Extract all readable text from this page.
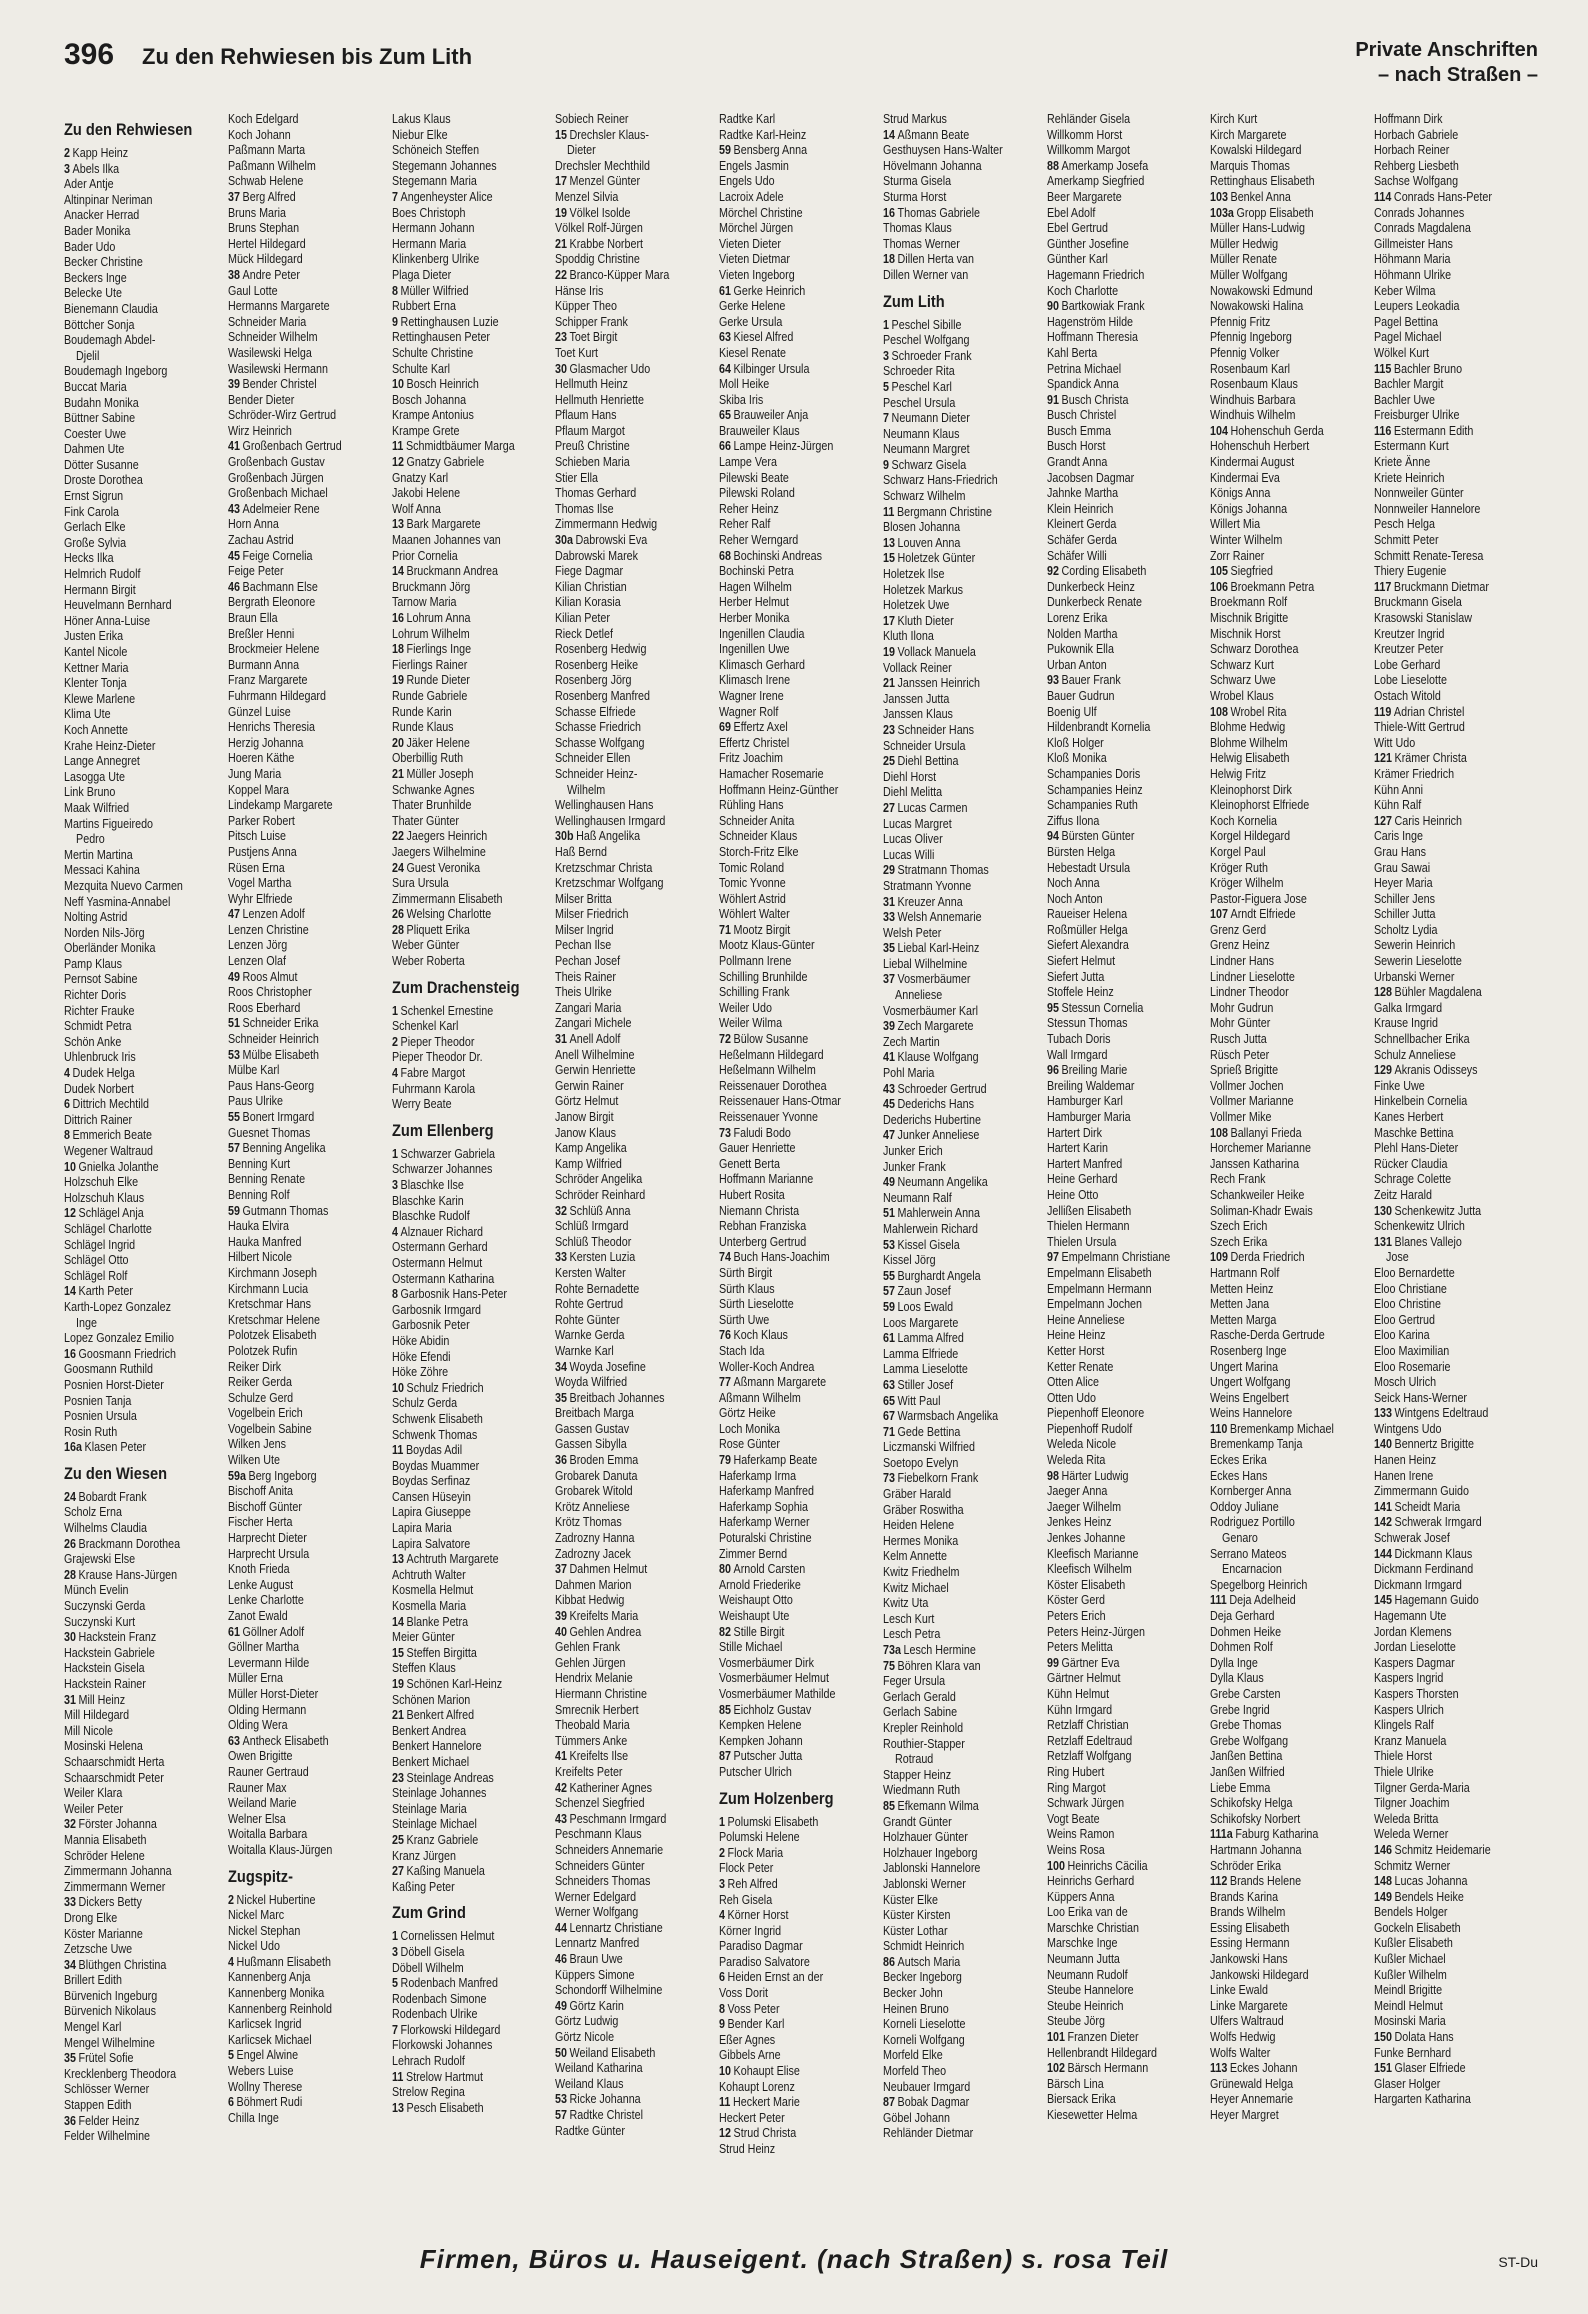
396 Zu den Rehwiesen bis Zum Lith	Private Anschriften
– nach Straßen –
Zu den Rehwiesen
2 Kapp Heinz
3 Abels Ilka
Ader Antje
Altinpinar Neriman
Anacker Herrad
Bader Monika
Bader Udo
Becker Christine
Beckers Inge
Belecke Ute
Bienemann Claudia
Böttcher Sonja
Boudemagh Abdel-
Djelil
Boudemagh Ingeborg
Buccat Maria
Budahn Monika
Büttner Sabine
Coester Uwe
Dahmen Ute
Dötter Susanne
Droste Dorothea
Ernst Sigrun
Fink Carola
Gerlach Elke
Große Sylvia
Hecks Ilka
Helmrich Rudolf
Hermann Birgit
Heuvelmann Bernhard
Höner Anna-Luise
Justen Erika
Kantel Nicole
Kettner Maria
Klenter Tonja
Klewe Marlene
Klima Ute
Koch Annette
Krahe Heinz-Dieter
Lange Annegret
Lasogga Ute
Link Bruno
Maak Wilfried
Martins Figueiredo
Pedro
Mertin Martina
Messaci Kahina
Mezquita Nuevo Carmen
Neff Yasmina-Annabel
Nolting Astrid
Norden Nils-Jörg
Oberländer Monika
Pamp Klaus
Pernsot Sabine
Richter Doris
Richter Frauke
Schmidt Petra
Schön Anke
Uhlenbruck Iris
4 Dudek Helga
Dudek Norbert
6 Dittrich Mechtild
Dittrich Rainer
8 Emmerich Beate
Wegener Waltraud
10 Gnielka Jolanthe
Holzschuh Elke
Holzschuh Klaus
12 Schlägel Anja
Schlägel Charlotte
Schlägel Ingrid
Schlägel Otto
Schlägel Rolf
14 Karth Peter
Karth-Lopez Gonzalez
Inge
Lopez Gonzalez Emilio
16 Goosmann Friedrich
Goosmann Ruthild
Posnien Horst-Dieter
Posnien Tanja
Posnien Ursula
Rosin Ruth
16a Klasen Peter
Zu den Wiesen
24 Bobardt Frank
Scholz Erna
Wilhelms Claudia
26 Brackmann Dorothea
Grajewski Else
28 Krause Hans-Jürgen
Münch Evelin
Suczynski Gerda
Suczynski Kurt
30 Hackstein Franz
Hackstein Gabriele
Hackstein Gisela
Hackstein Rainer
31 Mill Heinz
Mill Hildegard
Mill Nicole
Mosinski Helena
Schaarschmidt Herta
Schaarschmidt Peter
Weiler Klara
Weiler Peter
32 Förster Johanna
Mannia Elisabeth
Schröder Helene
Zimmermann Johanna
Zimmermann Werner
33 Dickers Betty
Drong Elke
Köster Marianne
Zetzsche Uwe
34 Blüthgen Christina
Brillert Edith
Bürvenich Ingeburg
Bürvenich Nikolaus
Mengel Karl
Mengel Wilhelmine
35 Frütel Sofie
Krecklenberg Theodora
Schlösser Werner
Stappen Edith
36 Felder Heinz
Felder Wilhelmine
Koch Edelgard
Koch Johann
Paßmann Marta
Paßmann Wilhelm
Schwab Helene
37 Berg Alfred
Bruns Maria
Bruns Stephan
Hertel Hildegard
Mück Hildegard
38 Andre Peter
Gaul Lotte
Hermanns Margarete
Schneider Maria
Schneider Wilhelm
Wasilewski Helga
Wasilewski Hermann
39 Bender Christel
Bender Dieter
Schröder-Wirz Gertrud
Wirz Heinrich
41 Großenbach Gertrud
Großenbach Gustav
Großenbach Jürgen
Großenbach Michael
43 Adelmeier Rene
Horn Anna
Zachau Astrid
45 Feige Cornelia
Feige Peter
46 Bachmann Else
Bergrath Eleonore
Braun Ella
Breßler Henni
Brockmeier Helene
Burmann Anna
Franz Margarete
Fuhrmann Hildegard
Günzel Luise
Henrichs Theresia
Herzig Johanna
Hoeren Käthe
Jung Maria
Koppel Mara
Lindekamp Margarete
Parker Robert
Pitsch Luise
Pustjens Anna
Rüsen Erna
Vogel Martha
Wyhr Elfriede
47 Lenzen Adolf
Lenzen Christine
Lenzen Jörg
Lenzen Olaf
49 Roos Almut
Roos Christopher
Roos Eberhard
51 Schneider Erika
Schneider Heinrich
53 Mülbe Elisabeth
Mülbe Karl
Paus Hans-Georg
Paus Ulrike
55 Bonert Irmgard
Guesnet Thomas
57 Benning Angelika
Benning Kurt
Benning Renate
Benning Rolf
59 Gutmann Thomas
Hauka Elvira
Hauka Manfred
Hilbert Nicole
Kirchmann Joseph
Kirchmann Lucia
Kretschmar Hans
Kretschmar Helene
Polotzek Elisabeth
Polotzek Rufin
Reiker Dirk
Reiker Gerda
Schulze Gerd
Vogelbein Erich
Vogelbein Sabine
Wilken Jens
Wilken Ute
59a Berg Ingeborg
Bischoff Anita
Bischoff Günter
Fischer Herta
Harprecht Dieter
Harprecht Ursula
Knoth Frieda
Lenke August
Lenke Charlotte
Zanot Ewald
61 Göllner Adolf
Göllner Martha
Levermann Hilde
Müller Erna
Müller Horst-Dieter
Olding Hermann
Olding Wera
63 Antheck Elisabeth
Owen Brigitte
Rauner Gertraud
Rauner Max
Weiland Marie
Welner Elsa
Woitalla Barbara
Woitalla Klaus-Jürgen
Zugspitz-
2 Nickel Hubertine
Nickel Marc
Nickel Stephan
Nickel Udo
4 Hußmann Elisabeth
Kannenberg Anja
Kannenberg Monika
Kannenberg Reinhold
Karlicsek Ingrid
Karlicsek Michael
5 Engel Alwine
Webers Luise
Wollny Therese
6 Böhmert Rudi
Chilla Inge
Lakus Klaus
Niebur Elke
Schöneich Steffen
Stegemann Johannes
Stegemann Maria
7 Angenheyster Alice
Boes Christoph
Hermann Johann
Hermann Maria
Klinkenberg Ulrike
Plaga Dieter
8 Müller Wilfried
Rubbert Erna
9 Rettinghausen Luzie
Rettinghausen Peter
Schulte Christine
Schulte Karl
10 Bosch Heinrich
Bosch Johanna
Krampe Antonius
Krampe Grete
11 Schmidtbäumer Marga
12 Gnatzy Gabriele
Gnatzy Karl
Jakobi Helene
Wolf Anna
13 Bark Margarete
Maanen Johannes van
Prior Cornelia
14 Bruckmann Andrea
Bruckmann Jörg
Tarnow Maria
16 Lohrum Anna
Lohrum Wilhelm
18 Fierlings Inge
Fierlings Rainer
19 Runde Dieter
Runde Gabriele
Runde Karin
Runde Klaus
20 Jäker Helene
Oberbillig Ruth
21 Müller Joseph
Schwanke Agnes
Thater Brunhilde
Thater Günter
22 Jaegers Heinrich
Jaegers Wilhelmine
24 Guest Veronika
Sura Ursula
Zimmermann Elisabeth
26 Welsing Charlotte
28 Pliquett Erika
Weber Günter
Weber Roberta
Zum Drachensteig
1 Schenkel Ernestine
Schenkel Karl
2 Pieper Theodor
Pieper Theodor Dr.
4 Fabre Margot
Fuhrmann Karola
Werry Beate
Zum Ellenberg
1 Schwarzer Gabriela
Schwarzer Johannes
3 Blaschke Ilse
Blaschke Karin
Blaschke Rudolf
4 Alznauer Richard
Ostermann Gerhard
Ostermann Helmut
Ostermann Katharina
8 Garbosnik Hans-Peter
Garbosnik Irmgard
Garbosnik Peter
Höke Abidin
Höke Efendi
Höke Zöhre
10 Schulz Friedrich
Schulz Gerda
Schwenk Elisabeth
Schwenk Thomas
11 Boydas Adil
Boydas Muammer
Boydas Serfinaz
Cansen Hüseyin
Lapira Giuseppe
Lapira Maria
Lapira Salvatore
13 Achtruth Margarete
Achtruth Walter
Kosmella Helmut
Kosmella Maria
14 Blanke Petra
Meier Günter
15 Steffen Birgitta
Steffen Klaus
19 Schönen Karl-Heinz
Schönen Marion
21 Benkert Alfred
Benkert Andrea
Benkert Hannelore
Benkert Michael
23 Steinlage Andreas
Steinlage Johannes
Steinlage Maria
Steinlage Michael
25 Kranz Gabriele
Kranz Jürgen
27 Kaßing Manuela
Kaßing Peter
Zum Grind
1 Cornelissen Helmut
3 Döbell Gisela
Döbell Wilhelm
5 Rodenbach Manfred
Rodenbach Simone
Rodenbach Ulrike
7 Florkowski Hildegard
Florkowski Johannes
Lehrach Rudolf
11 Strelow Hartmut
Strelow Regina
13 Pesch Elisabeth
Sobiech Reiner
15 Drechsler Klaus-
Dieter
Drechsler Mechthild
17 Menzel Günter
Menzel Silvia
19 Völkel Isolde
Völkel Rolf-Jürgen
21 Krabbe Norbert
Spoddig Christine
22 Branco-Küpper Mara
Hänse Iris
Küpper Theo
Schipper Frank
23 Toet Birgit
Toet Kurt
30 Glasmacher Udo
Hellmuth Heinz
Hellmuth Henriette
Pflaum Hans
Pflaum Margot
Preuß Christine
Schieben Maria
Stier Ella
Thomas Gerhard
Thomas Ilse
Zimmermann Hedwig
30a Dabrowski Eva
Dabrowski Marek
Fiege Dagmar
Kilian Christian
Kilian Korasia
Kilian Peter
Rieck Detlef
Rosenberg Hedwig
Rosenberg Heike
Rosenberg Jörg
Rosenberg Manfred
Schasse Elfriede
Schasse Friedrich
Schasse Wolfgang
Schneider Ellen
Schneider Heinz-
Wilhelm
Wellinghausen Hans
Wellinghausen Irmgard
30b Haß Angelika
Haß Bernd
Kretzschmar Christa
Kretzschmar Wolfgang
Milser Britta
Milser Friedrich
Milser Ingrid
Pechan Ilse
Pechan Josef
Theis Rainer
Theis Ulrike
Zangari Maria
Zangari Michele
31 Anell Adolf
Anell Wilhelmine
Gerwin Henriette
Gerwin Rainer
Görtz Helmut
Janow Birgit
Janow Klaus
Kamp Angelika
Kamp Wilfried
Schröder Angelika
Schröder Reinhard
32 Schlüß Anna
Schlüß Irmgard
Schlüß Theodor
33 Kersten Luzia
Kersten Walter
Rohte Bernadette
Rohte Gertrud
Rohte Günter
Warnke Gerda
Warnke Karl
34 Woyda Josefine
Woyda Wilfried
35 Breitbach Johannes
Breitbach Marga
Gassen Gustav
Gassen Sibylla
36 Broden Emma
Grobarek Danuta
Grobarek Witold
Krötz Anneliese
Krötz Thomas
Zadrozny Hanna
Zadrozny Jacek
37 Dahmen Helmut
Dahmen Marion
Kibbat Hedwig
39 Kreifelts Maria
40 Gehlen Andrea
Gehlen Frank
Gehlen Jürgen
Hendrix Melanie
Hiermann Christine
Smrecnik Herbert
Theobald Maria
Tümmers Anke
41 Kreifelts Ilse
Kreifelts Peter
42 Katheriner Agnes
Schenzel Siegfried
43 Peschmann Irmgard
Peschmann Klaus
Schneiders Annemarie
Schneiders Günter
Schneiders Thomas
Werner Edelgard
Werner Wolfgang
44 Lennartz Christiane
Lennartz Manfred
46 Braun Uwe
Küppers Simone
Schondorff Wilhelmine
49 Görtz Karin
Görtz Ludwig
Görtz Nicole
50 Weiland Elisabeth
Weiland Katharina
Weiland Klaus
53 Ricke Johanna
57 Radtke Christel
Radtke Günter
Radtke Karl
Radtke Karl-Heinz
59 Bensberg Anna
Engels Jasmin
Engels Udo
Lacroix Adele
Mörchel Christine
Mörchel Jürgen
Vieten Dieter
Vieten Dietmar
Vieten Ingeborg
61 Gerke Heinrich
Gerke Helene
Gerke Ursula
63 Kiesel Alfred
Kiesel Renate
64 Kilbinger Ursula
Moll Heike
Skiba Iris
65 Brauweiler Anja
Brauweiler Klaus
66 Lampe Heinz-Jürgen
Lampe Vera
Pilewski Beate
Pilewski Roland
Reher Heinz
Reher Ralf
Reher Werngard
68 Bochinski Andreas
Bochinski Petra
Hagen Wilhelm
Herber Helmut
Herber Monika
Ingenillen Claudia
Ingenillen Uwe
Klimasch Gerhard
Klimasch Irene
Wagner Irene
Wagner Rolf
69 Effertz Axel
Effertz Christel
Fritz Joachim
Hamacher Rosemarie
Hoffmann Heinz-Günther
Rühling Hans
Schneider Anita
Schneider Klaus
Storch-Fritz Elke
Tomic Roland
Tomic Yvonne
Wöhlert Astrid
Wöhlert Walter
71 Mootz Birgit
Mootz Klaus-Günter
Pollmann Irene
Schilling Brunhilde
Schilling Frank
Weiler Udo
Weiler Wilma
72 Bülow Susanne
Heßelmann Hildegard
Heßelmann Wilhelm
Reissenauer Dorothea
Reissenauer Hans-Otmar
Reissenauer Yvonne
73 Faludi Bodo
Gauer Henriette
Genett Berta
Hoffmann Marianne
Hubert Rosita
Niemann Christa
Rebhan Franziska
Unterberg Gertrud
74 Buch Hans-Joachim
Sürth Birgit
Sürth Klaus
Sürth Lieselotte
Sürth Uwe
76 Koch Klaus
Stach Ida
Woller-Koch Andrea
77 Aßmann Margarete
Aßmann Wilhelm
Görtz Heike
Loch Monika
Rose Günter
79 Haferkamp Beate
Haferkamp Irma
Haferkamp Manfred
Haferkamp Sophia
Haferkamp Werner
Poturalski Christine
Zimmer Bernd
80 Arnold Carsten
Arnold Friederike
Weishaupt Otto
Weishaupt Ute
82 Stille Birgit
Stille Michael
Vosmerbäumer Dirk
Vosmerbäumer Helmut
Vosmerbäumer Mathilde
85 Eichholz Gustav
Kempken Helene
Kempken Johann
87 Putscher Jutta
Putscher Ulrich
Zum Holzenberg
1 Polumski Elisabeth
Polumski Helene
2 Flock Maria
Flock Peter
3 Reh Alfred
Reh Gisela
4 Körner Horst
Körner Ingrid
Paradiso Dagmar
Paradiso Salvatore
6 Heiden Ernst an der
Voss Dorit
8 Voss Peter
9 Bender Karl
Eßer Agnes
Gibbels Arne
10 Kohaupt Elise
Kohaupt Lorenz
11 Heckert Marie
Heckert Peter
12 Strud Christa
Strud Heinz
Strud Markus
14 Aßmann Beate
Gesthuysen Hans-Walter
Hövelmann Johanna
Sturma Gisela
Sturma Horst
16 Thomas Gabriele
Thomas Klaus
Thomas Werner
18 Dillen Herta van
Dillen Werner van
Zum Lith
1 Peschel Sibille
Peschel Wolfgang
3 Schroeder Frank
Schroeder Rita
5 Peschel Karl
Peschel Ursula
7 Neumann Dieter
Neumann Klaus
Neumann Margret
9 Schwarz Gisela
Schwarz Hans-Friedrich
Schwarz Wilhelm
11 Bergmann Christine
Blosen Johanna
13 Louven Anna
15 Holetzek Günter
Holetzek Ilse
Holetzek Markus
Holetzek Uwe
17 Kluth Dieter
Kluth Ilona
19 Vollack Manuela
Vollack Reiner
21 Janssen Heinrich
Janssen Jutta
Janssen Klaus
23 Schneider Hans
Schneider Ursula
25 Diehl Bettina
Diehl Horst
Diehl Melitta
27 Lucas Carmen
Lucas Margret
Lucas Oliver
Lucas Willi
29 Stratmann Thomas
Stratmann Yvonne
31 Kreuzer Anna
33 Welsh Annemarie
Welsh Peter
35 Liebal Karl-Heinz
Liebal Wilhelmine
37 Vosmerbäumer
Anneliese
Vosmerbäumer Karl
39 Zech Margarete
Zech Martin
41 Klause Wolfgang
Pohl Maria
43 Schroeder Gertrud
45 Dederichs Hans
Dederichs Hubertine
47 Junker Anneliese
Junker Erich
Junker Frank
49 Neumann Angelika
Neumann Ralf
51 Mahlerwein Anna
Mahlerwein Richard
53 Kissel Gisela
Kissel Jörg
55 Burghardt Angela
57 Zaun Josef
59 Loos Ewald
Loos Margarete
61 Lamma Alfred
Lamma Elfriede
Lamma Lieselotte
63 Stiller Josef
65 Witt Paul
67 Warmsbach Angelika
71 Gede Bettina
Liczmanski Wilfried
Soetopo Evelyn
73 Fiebelkorn Frank
Gräber Harald
Gräber Roswitha
Heiden Helene
Hermes Monika
Kelm Annette
Kwitz Friedhelm
Kwitz Michael
Kwitz Uta
Lesch Kurt
Lesch Petra
73a Lesch Hermine
75 Böhren Klara van
Feger Ursula
Gerlach Gerald
Gerlach Sabine
Krepler Reinhold
Routhier-Stapper
Rotraud
Stapper Heinz
Wiedmann Ruth
85 Efkemann Wilma
Grandt Günter
Holzhauer Günter
Holzhauer Ingeborg
Jablonski Hannelore
Jablonski Werner
Küster Elke
Küster Kirsten
Küster Lothar
Schmidt Heinrich
86 Autsch Maria
Becker Ingeborg
Becker John
Heinen Bruno
Korneli Lieselotte
Korneli Wolfgang
Morfeld Elke
Morfeld Theo
Neubauer Irmgard
87 Bobak Dagmar
Göbel Johann
Rehländer Dietmar
Rehländer Gisela
Willkomm Horst
Willkomm Margot
88 Amerkamp Josefa
Amerkamp Siegfried
Beer Margarete
Ebel Adolf
Ebel Gertrud
Günther Josefine
Günther Karl
Hagemann Friedrich
Koch Charlotte
90 Bartkowiak Frank
Hagenström Hilde
Hoffmann Theresia
Kahl Berta
Petrina Michael
Spandick Anna
91 Busch Christa
Busch Christel
Busch Emma
Busch Horst
Grandt Anna
Jacobsen Dagmar
Jahnke Martha
Klein Heinrich
Kleinert Gerda
Schäfer Gerda
Schäfer Willi
92 Cording Elisabeth
Dunkerbeck Heinz
Dunkerbeck Renate
Lorenz Erika
Nolden Martha
Pukownik Ella
Urban Anton
93 Bauer Frank
Bauer Gudrun
Boenig Ulf
Hildenbrandt Kornelia
Kloß Holger
Kloß Monika
Schampanies Doris
Schampanies Heinz
Schampanies Ruth
Ziffus Ilona
94 Bürsten Günter
Bürsten Helga
Hebestadt Ursula
Noch Anna
Noch Anton
Raueiser Helena
Roßmüller Helga
Siefert Alexandra
Siefert Helmut
Siefert Jutta
Stoffele Heinz
95 Stessun Cornelia
Stessun Thomas
Tubach Doris
Wall Irmgard
96 Breiling Marie
Breiling Waldemar
Hamburger Karl
Hamburger Maria
Hartert Dirk
Hartert Karin
Hartert Manfred
Heine Gerhard
Heine Otto
Jellißen Elisabeth
Thielen Hermann
Thielen Ursula
97 Empelmann Christiane
Empelmann Elisabeth
Empelmann Hermann
Empelmann Jochen
Heine Anneliese
Heine Heinz
Ketter Horst
Ketter Renate
Otten Alice
Otten Udo
Piepenhoff Eleonore
Piepenhoff Rudolf
Weleda Nicole
Weleda Rita
98 Härter Ludwig
Jaeger Anna
Jaeger Wilhelm
Jenkes Heinz
Jenkes Johanne
Kleefisch Marianne
Kleefisch Wilhelm
Köster Elisabeth
Köster Gerd
Peters Erich
Peters Heinz-Jürgen
Peters Melitta
99 Gärtner Eva
Gärtner Helmut
Kühn Helmut
Kühn Irmgard
Retzlaff Christian
Retzlaff Edeltraud
Retzlaff Wolfgang
Ring Hubert
Ring Margot
Schwark Jürgen
Vogt Beate
Weins Ramon
Weins Rosa
100 Heinrichs Cäcilia
Heinrichs Gerhard
Küppers Anna
Loo Erika van de
Marschke Christian
Marschke Inge
Neumann Jutta
Neumann Rudolf
Steube Hannelore
Steube Heinrich
Steube Jörg
101 Franzen Dieter
Hellenbrandt Hildegard
102 Bärsch Hermann
Bärsch Lina
Biersack Erika
Kiesewetter Helma
Kirch Kurt
Kirch Margarete
Kowalski Hildegard
Marquis Thomas
Rettinghaus Elisabeth
103 Benkel Anna
103a Gropp Elisabeth
Müller Hans-Ludwig
Müller Hedwig
Müller Renate
Müller Wolfgang
Nowakowski Edmund
Nowakowski Halina
Pfennig Fritz
Pfennig Ingeborg
Pfennig Volker
Rosenbaum Karl
Rosenbaum Klaus
Windhuis Barbara
Windhuis Wilhelm
104 Hohenschuh Gerda
Hohenschuh Herbert
Kindermai August
Kindermai Eva
Königs Anna
Königs Johanna
Willert Mia
Winter Wilhelm
Zorr Rainer
105 Siegfried
106 Broekmann Petra
Broekmann Rolf
Mischnik Brigitte
Mischnik Horst
Schwarz Dorothea
Schwarz Kurt
Schwarz Uwe
Wrobel Klaus
108 Wrobel Rita
Blohme Hedwig
Blohme Wilhelm
Helwig Elisabeth
Helwig Fritz
Kleinophorst Dirk
Kleinophorst Elfriede
Koch Kornelia
Korgel Hildegard
Korgel Paul
Kröger Ruth
Kröger Wilhelm
Pastor-Figuera Jose
107 Arndt Elfriede
Grenz Gerd
Grenz Heinz
Lindner Hans
Lindner Lieselotte
Lindner Theodor
Mohr Gudrun
Mohr Günter
Rusch Jutta
Rüsch Peter
Sprieß Brigitte
Vollmer Jochen
Vollmer Marianne
Vollmer Mike
108 Ballanyi Frieda
Horchemer Marianne
Janssen Katharina
Rech Frank
Schankweiler Heike
Soliman-Khadr Ewais
Szech Erich
Szech Erika
109 Derda Friedrich
Hartmann Rolf
Metten Heinz
Metten Jana
Metten Marga
Rasche-Derda Gertrude
Rosenberg Inge
Ungert Marina
Ungert Wolfgang
Weins Engelbert
Weins Hannelore
110 Bremenkamp Michael
Bremenkamp Tanja
Eckes Erika
Eckes Hans
Kornberger Anna
Oddoy Juliane
Rodriguez Portillo
Genaro
Serrano Mateos
Encarnacion
Spegelborg Heinrich
111 Deja Adelheid
Deja Gerhard
Dohmen Heike
Dohmen Rolf
Dylla Inge
Dylla Klaus
Grebe Carsten
Grebe Ingrid
Grebe Thomas
Grebe Wolfgang
Janßen Bettina
Janßen Wilfried
Liebe Emma
Schikofsky Helga
Schikofsky Norbert
111a Faburg Katharina
Hartmann Johanna
Schröder Erika
112 Brands Helene
Brands Karina
Brands Wilhelm
Essing Elisabeth
Essing Hermann
Jankowski Hans
Jankowski Hildegard
Linke Ewald
Linke Margarete
Ulfers Waltraud
Wolfs Hedwig
Wolfs Walter
113 Eckes Johann
Grünewald Helga
Heyer Annemarie
Heyer Margret
Hoffmann Dirk
Horbach Gabriele
Horbach Reiner
Rehberg Liesbeth
Sachse Wolfgang
114 Conrads Hans-Peter
Conrads Johannes
Conrads Magdalena
Gillmeister Hans
Höhmann Maria
Höhmann Ulrike
Keber Wilma
Leupers Leokadia
Pagel Bettina
Pagel Michael
Wölkel Kurt
115 Bachler Bruno
Bachler Margit
Bachler Uwe
Freisburger Ulrike
116 Estermann Edith
Estermann Kurt
Kriete Änne
Kriete Heinrich
Nonnweiler Günter
Nonnweiler Hannelore
Pesch Helga
Schmitt Peter
Schmitt Renate-Teresa
Thiery Eugenie
117 Bruckmann Dietmar
Bruckmann Gisela
Krasowski Stanislaw
Kreutzer Ingrid
Kreutzer Peter
Lobe Gerhard
Lobe Lieselotte
Ostach Witold
119 Adrian Christel
Thiele-Witt Gertrud
Witt Udo
121 Krämer Christa
Krämer Friedrich
Kühn Anni
Kühn Ralf
127 Caris Heinrich
Caris Inge
Grau Hans
Grau Sawai
Heyer Maria
Schiller Jens
Schiller Jutta
Scholtz Lydia
Sewerin Heinrich
Sewerin Lieselotte
Urbanski Werner
128 Bühler Magdalena
Galka Irmgard
Krause Ingrid
Schnellbacher Erika
Schulz Anneliese
129 Akranis Odisseys
Finke Uwe
Hinkelbein Cornelia
Kanes Herbert
Maschke Bettina
Plehl Hans-Dieter
Rücker Claudia
Schrage Colette
Zeitz Harald
130 Schenkewitz Jutta
Schenkewitz Ulrich
131 Blanes Vallejo
Jose
Eloo Bernardette
Eloo Christiane
Eloo Christine
Eloo Gertrud
Eloo Karina
Eloo Maximilian
Eloo Rosemarie
Mosch Ulrich
Seick Hans-Werner
133 Wintgens Edeltraud
Wintgens Udo
140 Bennertz Brigitte
Hanen Heinz
Hanen Irene
Zimmermann Guido
141 Scheidt Maria
142 Schwerak Irmgard
Schwerak Josef
144 Dickmann Klaus
Dickmann Ferdinand
Dickmann Irmgard
145 Hagemann Guido
Hagemann Ute
Jordan Klemens
Jordan Lieselotte
Kaspers Dagmar
Kaspers Ingrid
Kaspers Thorsten
Kaspers Ulrich
Klingels Ralf
Kranz Manuela
Thiele Horst
Thiele Ulrike
Tilgner Gerda-Maria
Tilgner Joachim
Weleda Britta
Weleda Werner
146 Schmitz Heidemarie
Schmitz Werner
148 Lucas Johanna
149 Bendels Heike
Bendels Holger
Gockeln Elisabeth
Kußler Elisabeth
Kußler Michael
Kußler Wilhelm
Meindl Brigitte
Meindl Helmut
Mosinski Maria
150 Dolata Hans
Funke Bernhard
151 Glaser Elfriede
Glaser Holger
Hargarten Katharina
Firmen, Büros u. Hauseigent. (nach Straßen) s. rosa Teil	ST-Du
